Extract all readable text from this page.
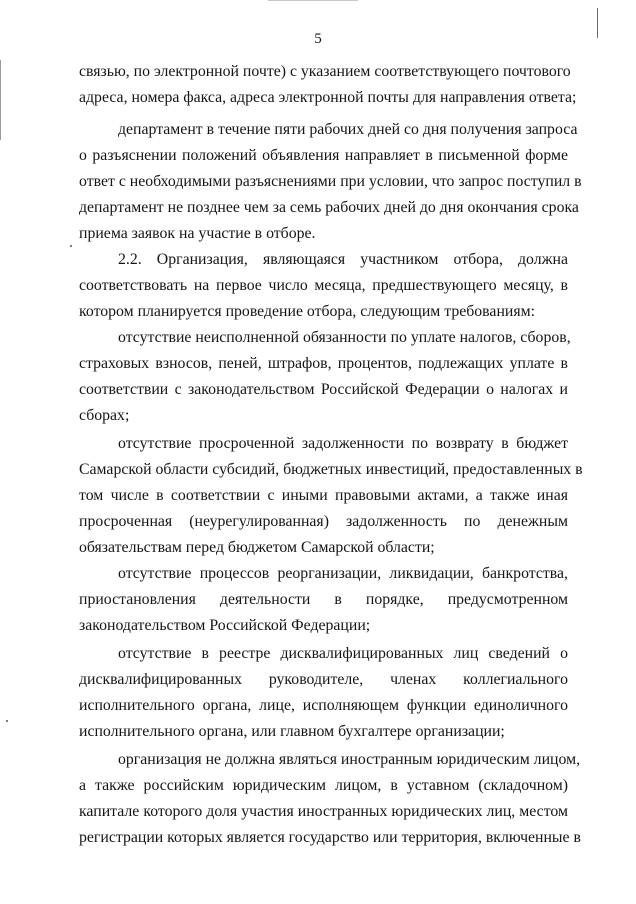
5
связью, по электронной почте) с указанием соответствующего почтового
адреса, номера факса, адреса электронной почты для направления ответа;
департамент в течение пяти рабочих дней со дня получения запроса
о разъяснении положений объявления направляет в письменной форме
ответ с необходимыми разъяснениями при условии, что запрос поступил в
департамент не позднее чем за семь рабочих дней до дня окончания срока
приема заявок на участие в отборе.
2.2. Организация, являющаяся участником отбора, должна
соответствовать на первое число месяца, предшествующего месяцу, в
котором планируется проведение отбора, следующим требованиям:
отсутствие неисполненной обязанности по уплате налогов, сборов,
страховых взносов, пеней, штрафов, процентов, подлежащих уплате в
соответствии с законодательством Российской Федерации о налогах и
сборах;
отсутствие просроченной задолженности по возврату в бюджет
Самарской области субсидий, бюджетных инвестиций, предоставленных в
том числе в соответствии с иными правовыми актами, а также иная
просроченная (неурегулированная) задолженность по денежным
обязательствам перед бюджетом Самарской области;
отсутствие процессов реорганизации, ликвидации, банкротства,
приостановления деятельности в порядке, предусмотренном
законодательством Российской Федерации;
отсутствие в реестре дисквалифицированных лиц сведений о
дисквалифицированных руководителе, членах коллегиального
исполнительного органа, лице, исполняющем функции единоличного
исполнительного органа, или главном бухгалтере организации;
организация не должна являться иностранным юридическим лицом,
а также российским юридическим лицом, в уставном (складочном)
капитале которого доля участия иностранных юридических лиц, местом
регистрации которых является государство или территория, включенные в
